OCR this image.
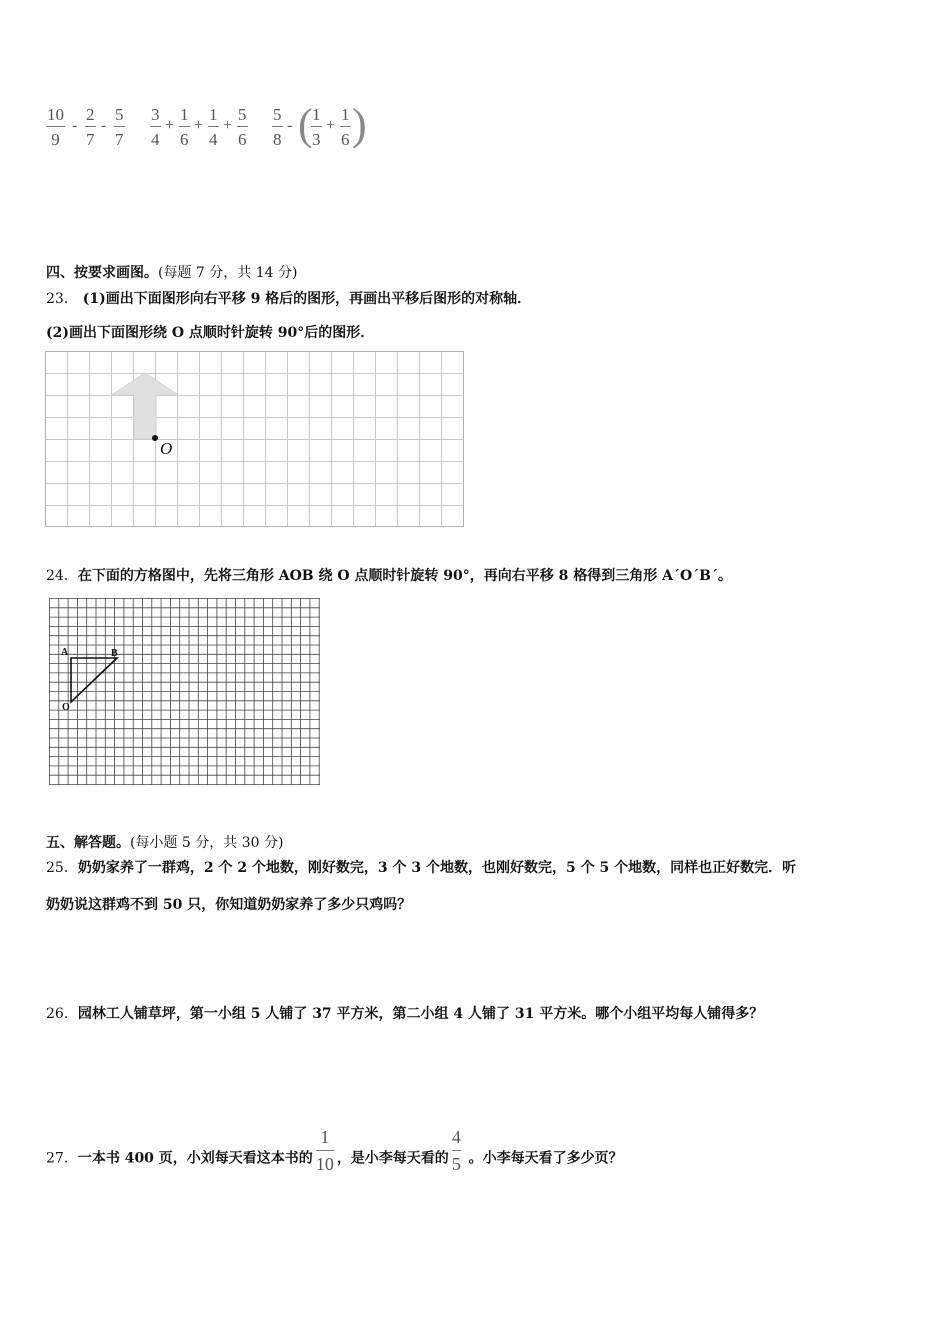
10
9
-
2
7
-
5
7
3
4
+
1
6
+
1
4
+
5
6
5
8
- ( 1
3
+
1
6 )
四、按要求画图。(每题 7 分，共 14 分)
23． (1)画出下面图形向右平移 9 格后的图形，再画出平移后图形的对称轴．
(2)画出下面图形绕 O 点顺时针旋转 90°后的图形．
O
24．在下面的方格图中，先将三角形 AOB 绕 O 点顺时针旋转 90°，再向右平移 8 格得到三角形 A´O´B´。
A	B
O
五、解答题。(每小题 5 分，共 30 分)
25．奶奶家养了一群鸡，2 个 2 个地数，刚好数完，3 个 3 个地数，也刚好数完，5 个 5 个地数，同样也正好数完．听
奶奶说这群鸡不到 50 只，你知道奶奶家养了多少只鸡吗？
26．园林工人铺草坪，第一小组 5 人铺了 37 平方米，第二小组 4 人铺了 31 平方米。哪个小组平均每人铺得多？
27．一本书 400 页，小刘每天看这本书的 $\frac{1}{10}$ ，是小李每天看的 $\frac{4}{5}$ 。小李每天看了多少页？
